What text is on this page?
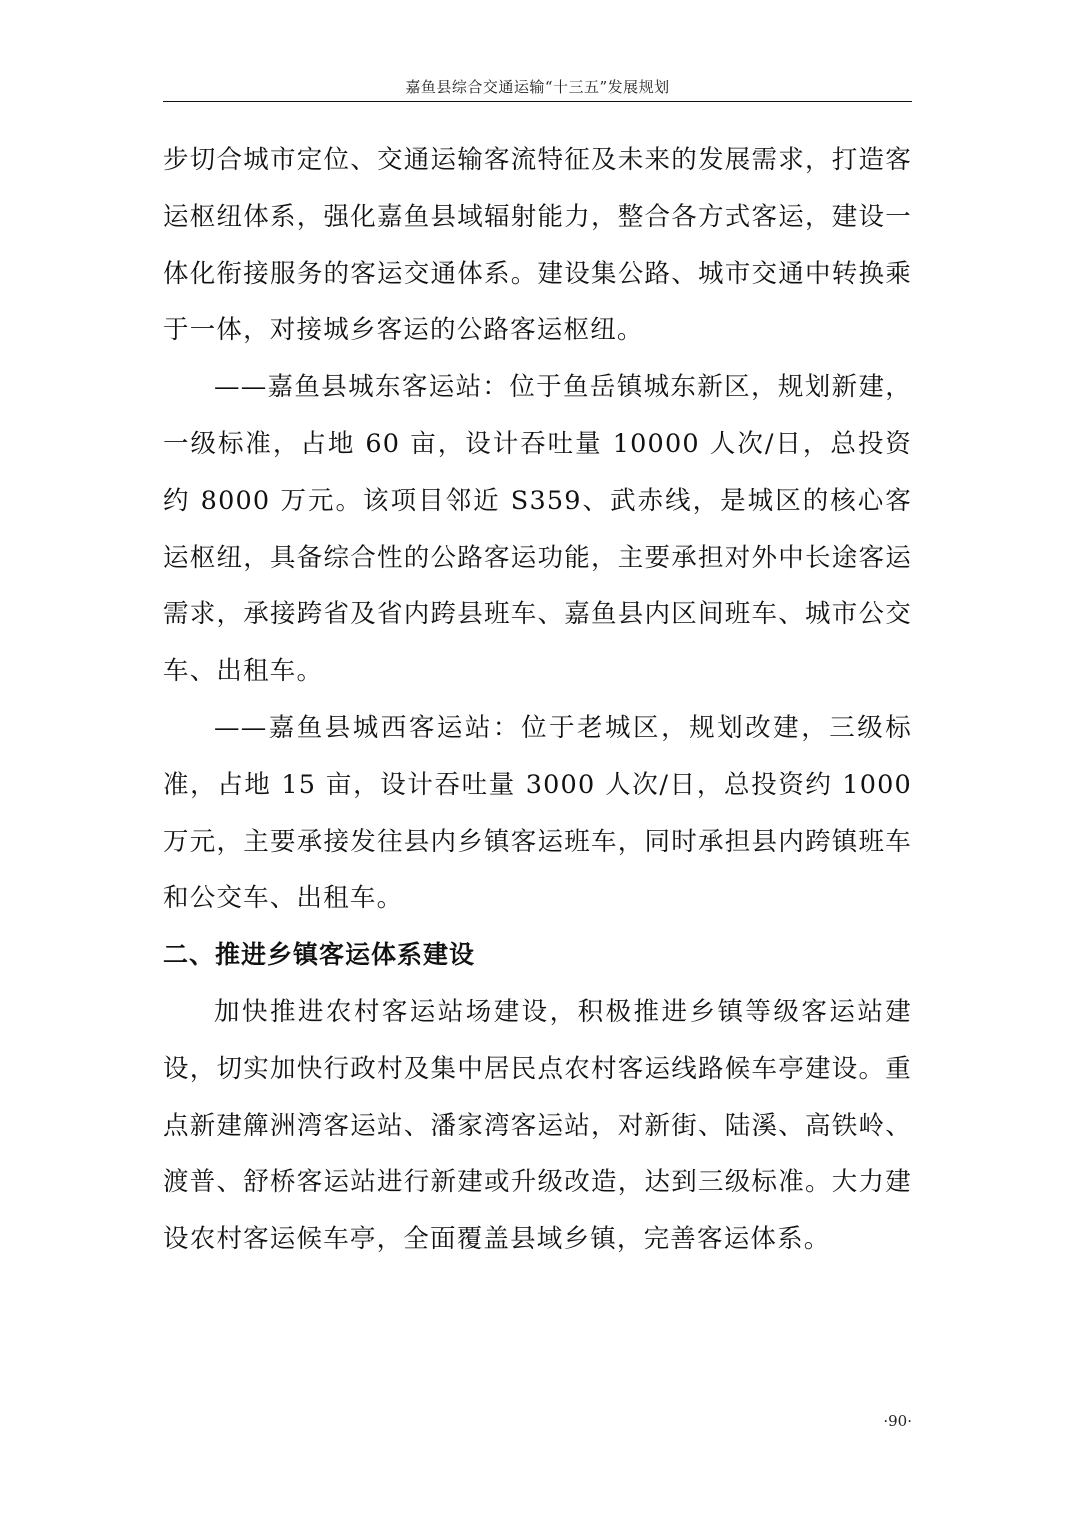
嘉鱼县综合交通运输“十三五”发展规划

步切合城市定位、交通运输客流特征及未来的发展需求，打造客运枢纽体系，强化嘉鱼县域辐射能力，整合各方式客运，建设一体化衔接服务的客运交通体系。建设集公路、城市交通中转换乘于一体，对接城乡客运的公路客运枢纽。

——嘉鱼县城东客运站：位于鱼岳镇城东新区，规划新建，一级标准，占地 60 亩，设计吞吐量 10000 人次/日，总投资约 8000 万元。该项目邻近 S359、武赤线，是城区的核心客运枢纽，具备综合性的公路客运功能，主要承担对外中长途客运需求，承接跨省及省内跨县班车、嘉鱼县内区间班车、城市公交车、出租车。

——嘉鱼县城西客运站：位于老城区，规划改建，三级标准，占地 15 亩，设计吞吐量 3000 人次/日，总投资约 1000 万元，主要承接发往县内乡镇客运班车，同时承担县内跨镇班车和公交车、出租车。

二、推进乡镇客运体系建设

加快推进农村客运站场建设，积极推进乡镇等级客运站建设，切实加快行政村及集中居民点农村客运线路候车亭建设。重点新建簰洲湾客运站、潘家湾客运站，对新街、陆溪、高铁岭、渡普、舒桥客运站进行新建或升级改造，达到三级标准。大力建设农村客运候车亭，全面覆盖县域乡镇，完善客运体系。

·90·
